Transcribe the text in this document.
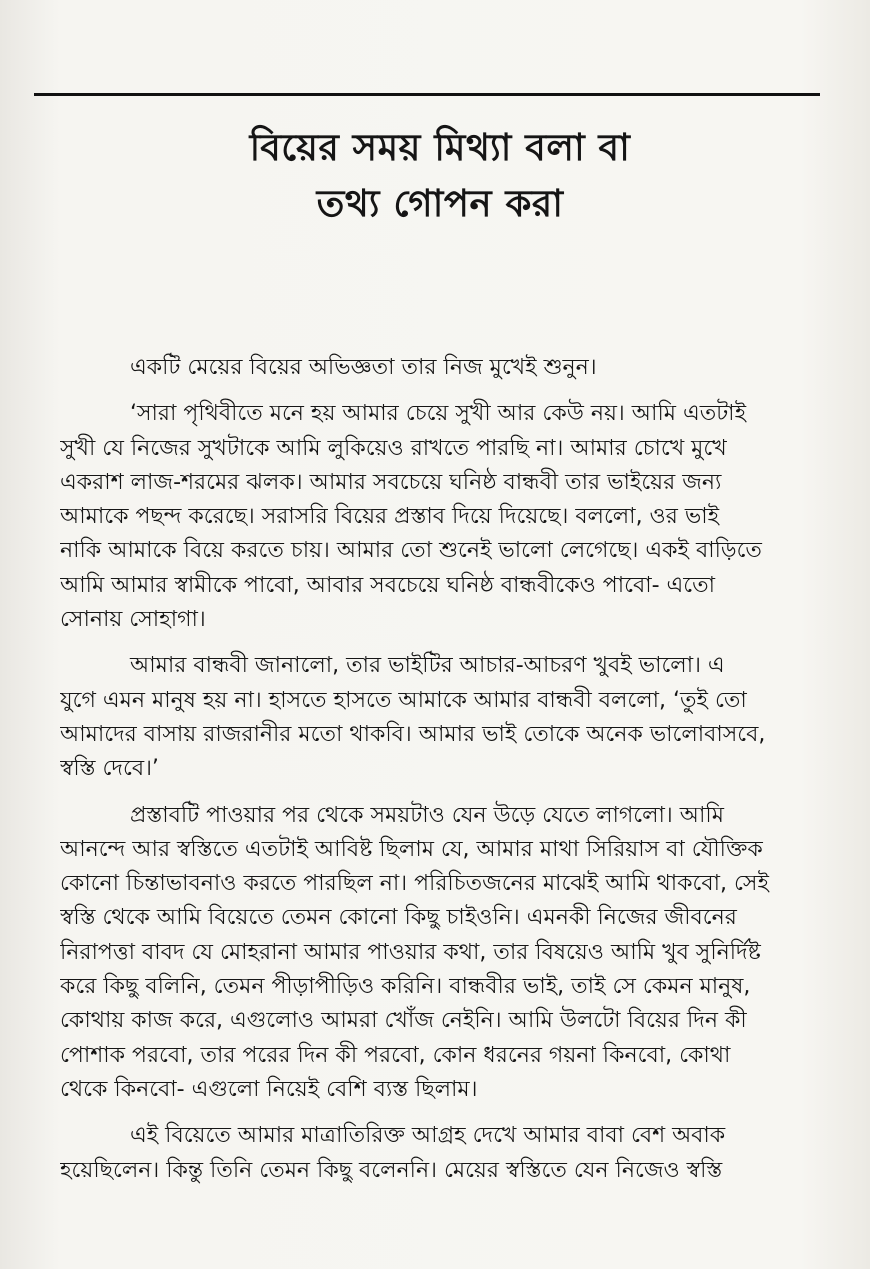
বিয়ের সময় মিথ্যা বলা বা
তথ্য গোপন করা

একটি মেয়ের বিয়ের অভিজ্ঞতা তার নিজ মুখেই শুনুন।

‘সারা পৃথিবীতে মনে হয় আমার চেয়ে সুখী আর কেউ নয়। আমি এতটাই
সুখী যে নিজের সুখটাকে আমি লুকিয়েও রাখতে পারছি না। আমার চোখে মুখে
একরাশ লাজ-শরমের ঝলক। আমার সবচেয়ে ঘনিষ্ঠ বান্ধবী তার ভাইয়ের জন্য
আমাকে পছন্দ করেছে। সরাসরি বিয়ের প্রস্তাব দিয়ে দিয়েছে। বললো, ওর ভাই
নাকি আমাকে বিয়ে করতে চায়। আমার তো শুনেই ভালো লেগেছে। একই বাড়িতে
আমি আমার স্বামীকে পাবো, আবার সবচেয়ে ঘনিষ্ঠ বান্ধবীকেও পাবো- এতো
সোনায় সোহাগা।

আমার বান্ধবী জানালো, তার ভাইটির আচার-আচরণ খুবই ভালো। এ
যুগে এমন মানুষ হয় না। হাসতে হাসতে আমাকে আমার বান্ধবী বললো, ‘তুই তো
আমাদের বাসায় রাজরানীর মতো থাকবি। আমার ভাই তোকে অনেক ভালোবাসবে,
স্বস্তি দেবে।’

প্রস্তাবটি পাওয়ার পর থেকে সময়টাও যেন উড়ে যেতে লাগলো। আমি
আনন্দে আর স্বস্তিতে এতটাই আবিষ্ট ছিলাম যে, আমার মাথা সিরিয়াস বা যৌক্তিক
কোনো চিন্তাভাবনাও করতে পারছিল না। পরিচিতজনের মাঝেই আমি থাকবো, সেই
স্বস্তি থেকে আমি বিয়েতে তেমন কোনো কিছু চাইওনি। এমনকী নিজের জীবনের
নিরাপত্তা বাবদ যে মোহরানা আমার পাওয়ার কথা, তার বিষয়েও আমি খুব সুনির্দিষ্ট
করে কিছু বলিনি, তেমন পীড়াপীড়িও করিনি। বান্ধবীর ভাই, তাই সে কেমন মানুষ,
কোথায় কাজ করে, এগুলোও আমরা খোঁজ নেইনি। আমি উলটো বিয়ের দিন কী
পোশাক পরবো, তার পরের দিন কী পরবো, কোন ধরনের গয়না কিনবো, কোথা
থেকে কিনবো- এগুলো নিয়েই বেশি ব্যস্ত ছিলাম।

এই বিয়েতে আমার মাত্রাতিরিক্ত আগ্রহ দেখে আমার বাবা বেশ অবাক
হয়েছিলেন। কিন্তু তিনি তেমন কিছু বলেননি। মেয়ের স্বস্তিতে যেন নিজেও স্বস্তি
